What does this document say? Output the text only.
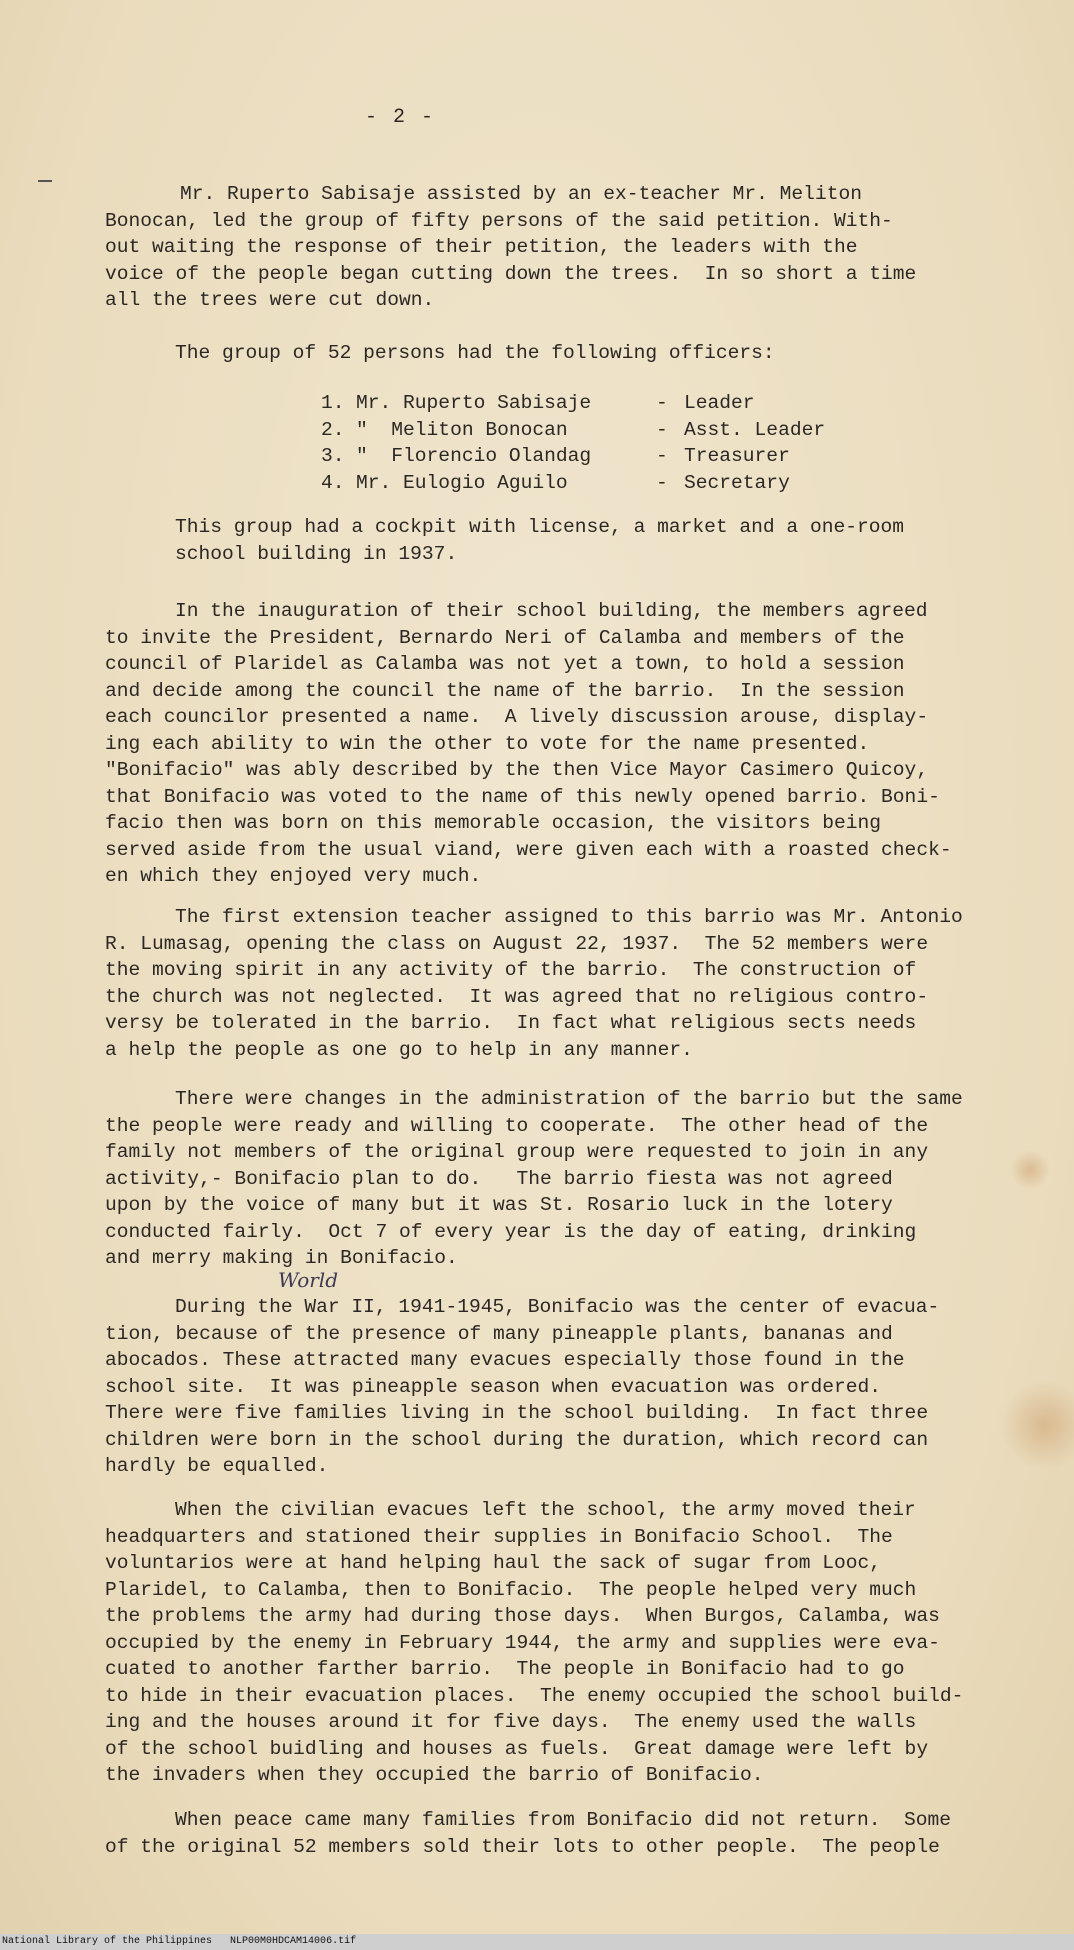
- 2 -

Mr. Ruperto Sabisaje assisted by an ex-teacher Mr. Meliton
Bonocan, led the group of fifty persons of the said petition. With-
out waiting the response of their petition, the leaders with the
voice of the people began cutting down the trees.  In so short a time
all the trees were cut down.

The group of 52 persons had the following officers:

1. Mr. Ruperto Sabisaje	- Leader
2. "  Meliton Bonocan	- Asst. Leader
3. "  Florencio Olandag	- Treasurer
4. Mr. Eulogio Aguilo	- Secretary

This group had a cockpit with license, a market and a one-room
school building in 1937.

In the inauguration of their school building, the members agreed
to invite the President, Bernardo Neri of Calamba and members of the
council of Plaridel as Calamba was not yet a town, to hold a session
and decide among the council the name of the barrio.  In the session
each councilor presented a name.  A lively discussion arouse, display-
ing each ability to win the other to vote for the name presented.
"Bonifacio" was ably described by the then Vice Mayor Casimero Quicoy,
that Bonifacio was voted to the name of this newly opened barrio. Boni-
facio then was born on this memorable occasion, the visitors being
served aside from the usual viand, were given each with a roasted check-
en which they enjoyed very much.

The first extension teacher assigned to this barrio was Mr. Antonio
R. Lumasag, opening the class on August 22, 1937.  The 52 members were
the moving spirit in any activity of the barrio.  The construction of
the church was not neglected.  It was agreed that no religious contro-
versy be tolerated in the barrio.  In fact what religious sects needs
a help the people as one go to help in any manner.

There were changes in the administration of the barrio but the same
the people were ready and willing to cooperate.  The other head of the
family not members of the original group were requested to join in any
activity,- Bonifacio plan to do.   The barrio fiesta was not agreed
upon by the voice of many but it was St. Rosario luck in the lotery
conducted fairly.  Oct 7 of every year is the day of eating, drinking
and merry making in Bonifacio.

World

During the War II, 1941-1945, Bonifacio was the center of evacua-
tion, because of the presence of many pineapple plants, bananas and
abocados. These attracted many evacues especially those found in the
school site.  It was pineapple season when evacuation was ordered.
There were five families living in the school building.  In fact three
children were born in the school during the duration, which record can
hardly be equalled.

When the civilian evacues left the school, the army moved their
headquarters and stationed their supplies in Bonifacio School.  The
voluntarios were at hand helping haul the sack of sugar from Looc,
Plaridel, to Calamba, then to Bonifacio.  The people helped very much
the problems the army had during those days.  When Burgos, Calamba, was
occupied by the enemy in February 1944, the army and supplies were eva-
cuated to another farther barrio.  The people in Bonifacio had to go
to hide in their evacuation places.  The enemy occupied the school build-
ing and the houses around it for five days.  The enemy used the walls
of the school buidling and houses as fuels.  Great damage were left by
the invaders when they occupied the barrio of Bonifacio.

When peace came many families from Bonifacio did not return.  Some
of the original 52 members sold their lots to other people.  The people

National Library of the Philippines NLP00M0HDCAM14006.tif
